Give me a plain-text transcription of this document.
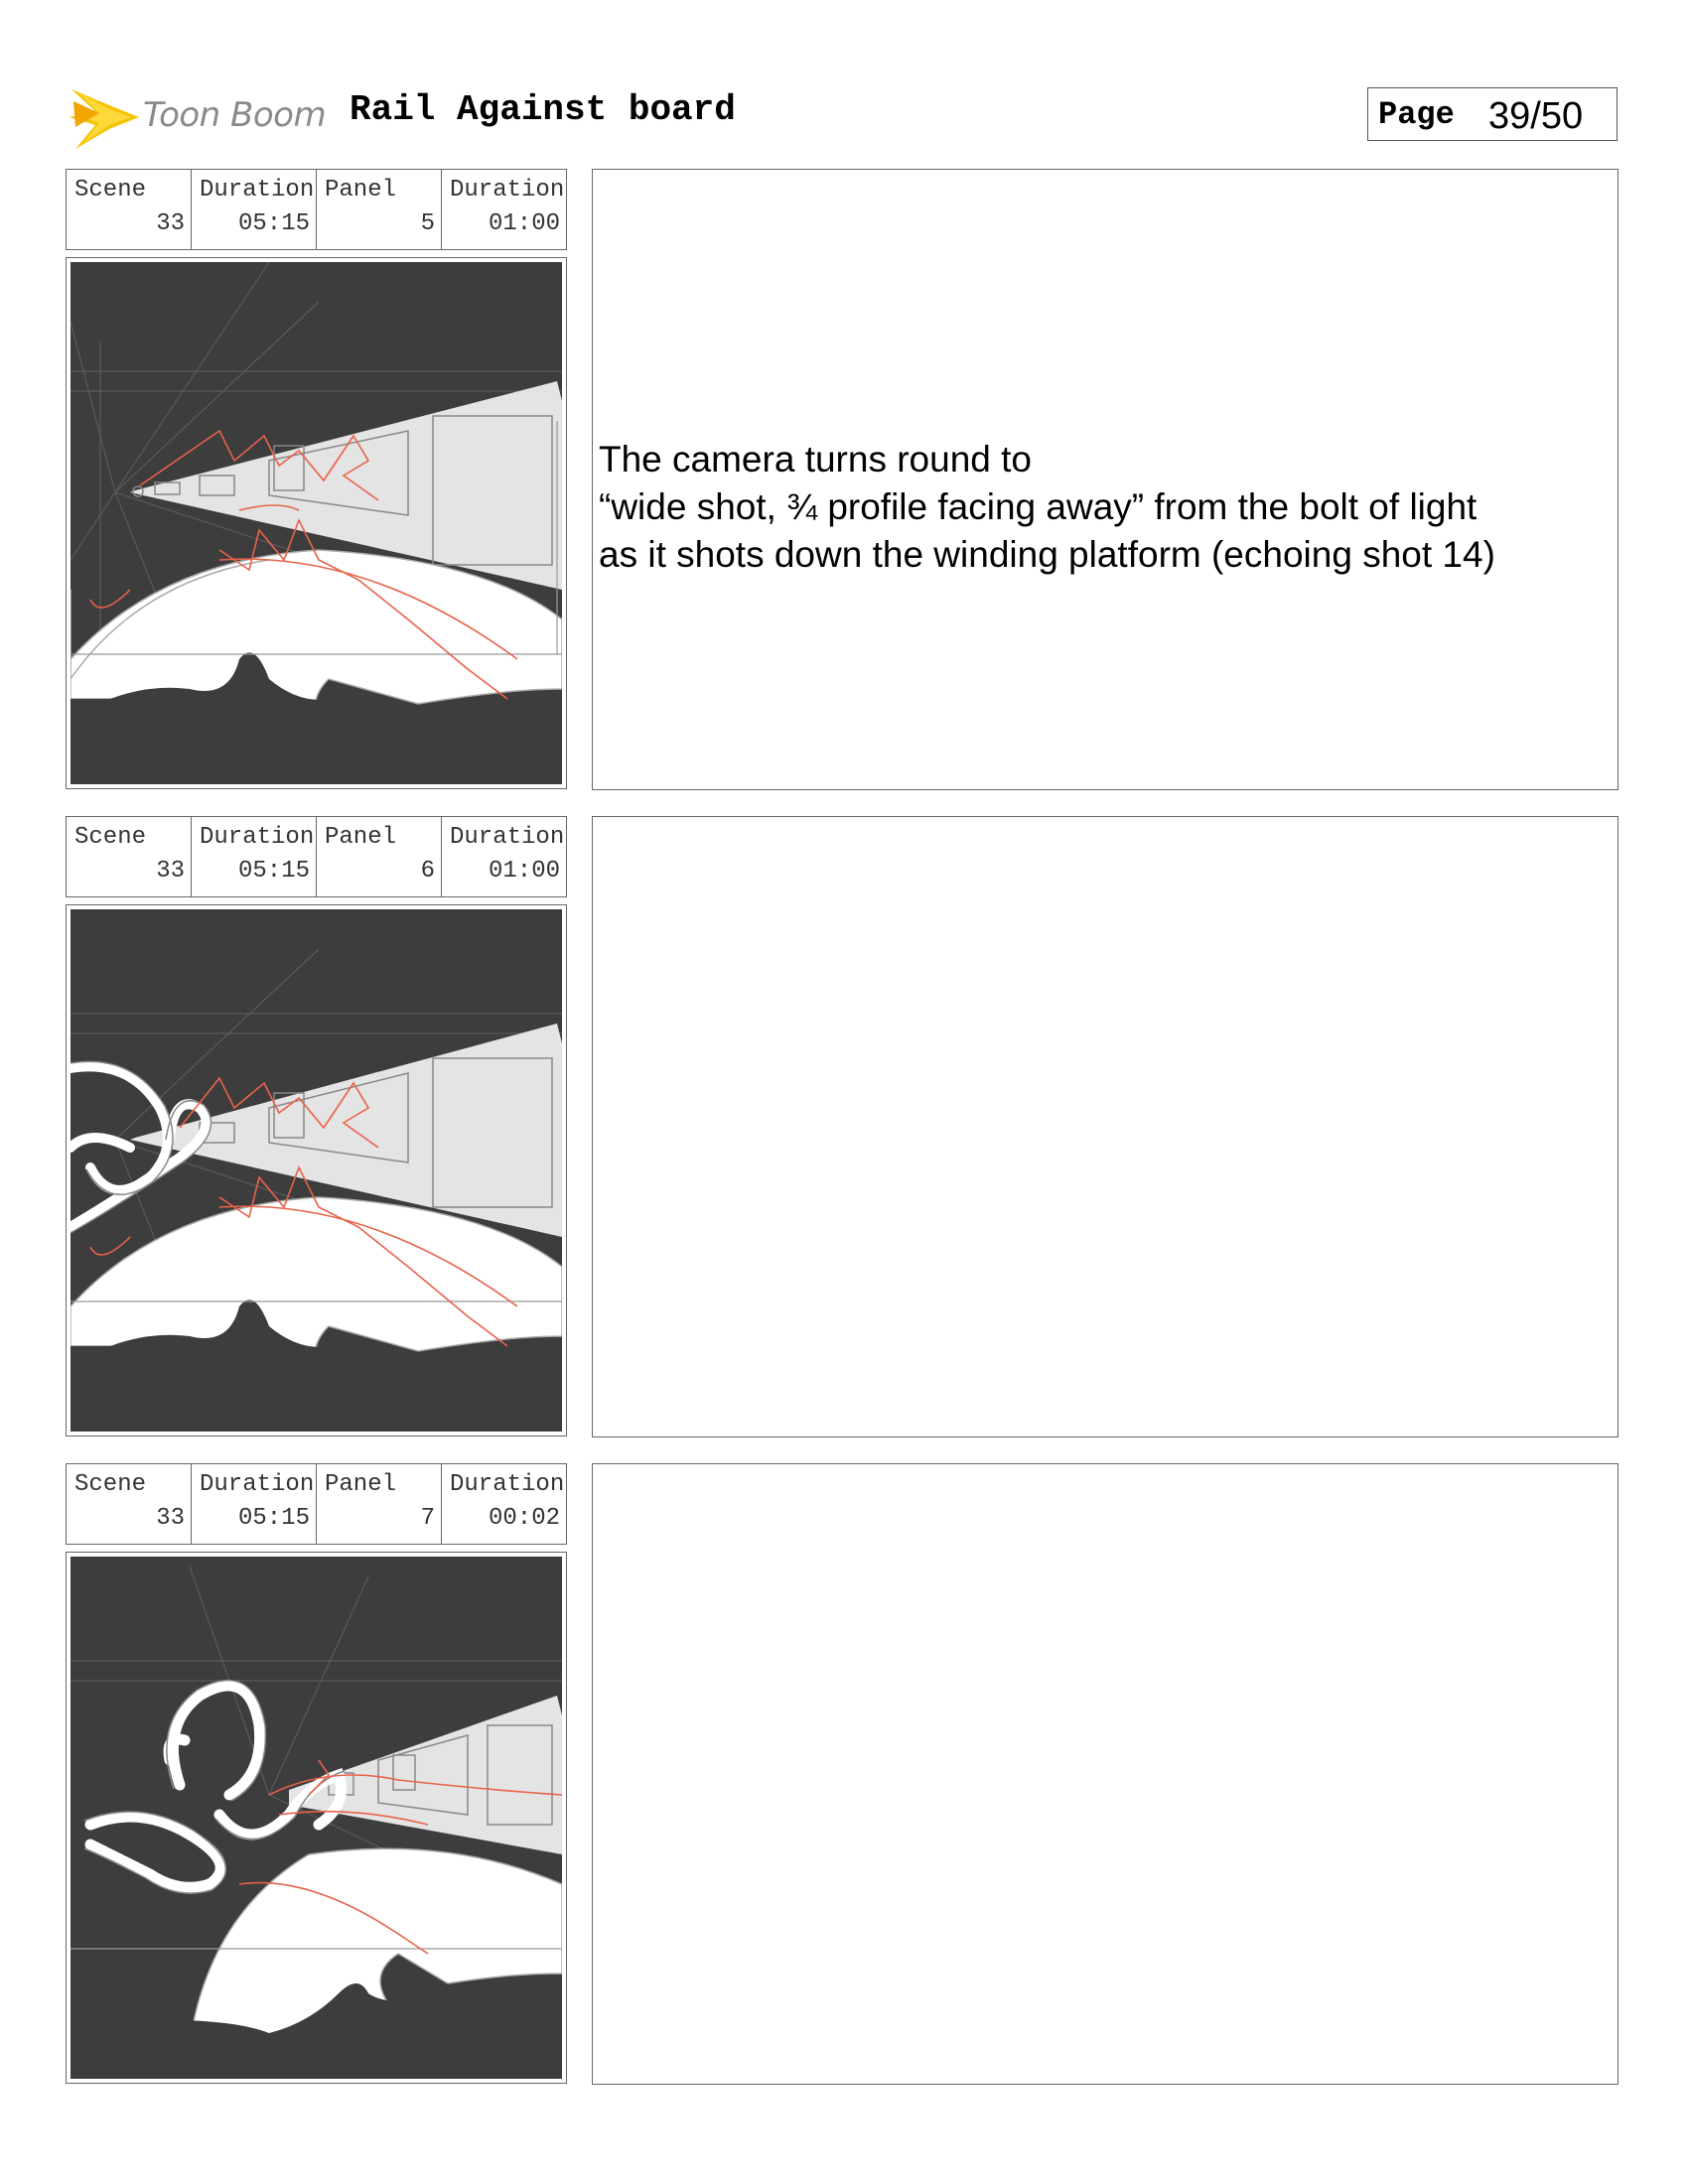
Toon Boom Rail Against board	Page 39/50
Scene
33
Duration
05:15
Panel
5
Duration
01:00
The camera turns round to
“wide shot, ¾ profile facing away” from the bolt of light
as it shots down the winding platform (echoing shot 14)
Scene
33
Duration
05:15
Panel
6
Duration
01:00
Scene
33
Duration
05:15
Panel
7
Duration
00:02
